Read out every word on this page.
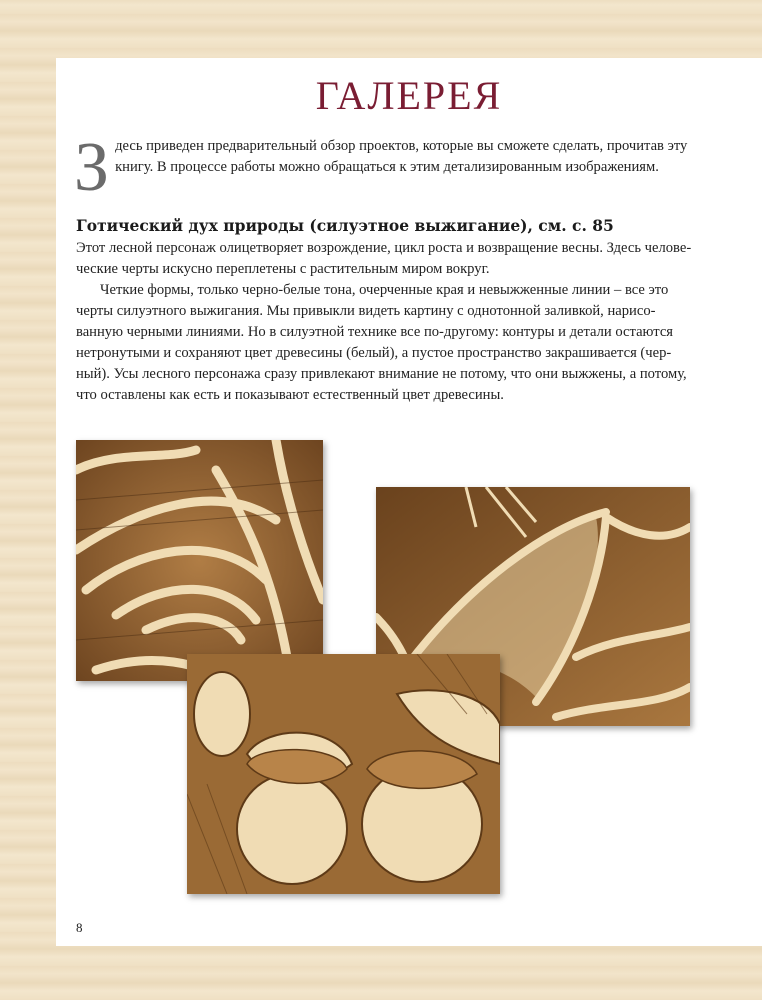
ГАЛЕРЕЯ
З десь приведен предварительный обзор проектов, которые вы сможете сделать, прочитав эту книгу. В процессе работы можно обращаться к этим детализированным изображениям.

Готический дух природы (силуэтное выжигание), см. с. 85

Этот лесной персонаж олицетворяет возрождение, цикл роста и возвращение весны. Здесь человеческие черты искусно переплетены с растительным миром вокруг.

Четкие формы, только черно-белые тона, очерченные края и невыжженные линии – все это черты силуэтного выжигания. Мы привыкли видеть картину с однотонной заливкой, нарисованную черными линиями. Но в силуэтной технике все по-другому: контуры и детали остаются нетронутыми и сохраняют цвет древесины (белый), а пустое пространство закрашивается (черный). Усы лесного персонажа сразу привлекают внимание не потому, что они выжжены, а потому, что оставлены как есть и показывают естественный цвет древесины.

8
